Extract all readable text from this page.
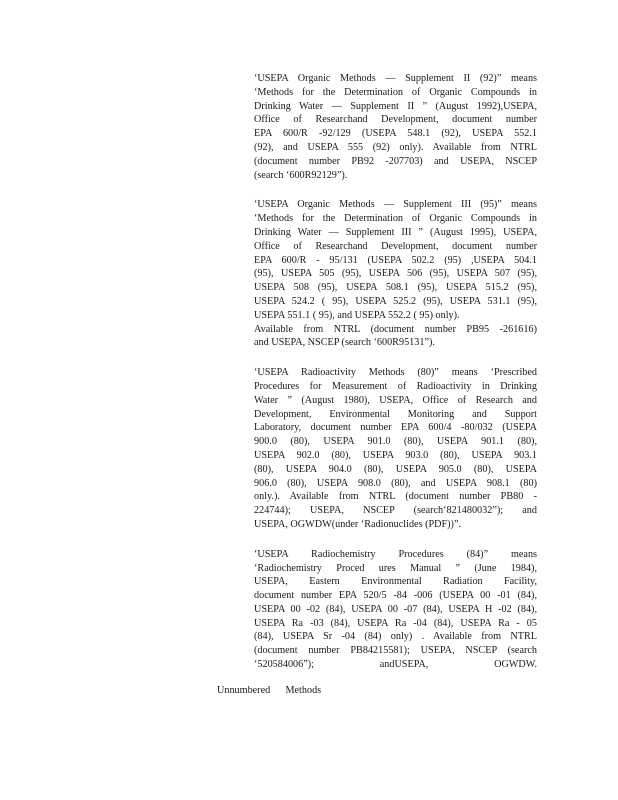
‘USEPA Organic Methods — Supplement II (92)” means
‘Methods for the Determination of Organic Compounds in
Drinking Water — Supplement II ” (August 1992),USEPA,
Office of Researchand Development, document number
EPA 600/R -92/129 (USEPA 548.1 (92), USEPA 552.1
(92), and USEPA 555 (92) only). Available from NTRL
(document number PB92 -207703) and USEPA, NSCEP
(search ‘600R92129”).
‘USEPA Organic Methods — Supplement III (95)” means
‘Methods for the Determination of Organic Compounds in
Drinking Water — Supplement III ” (August 1995), USEPA,
Office of Researchand Development, document number
EPA 600/R - 95/131 (USEPA 502.2 (95) ,USEPA 504.1
(95), USEPA 505 (95), USEPA 506 (95), USEPA 507 (95),
USEPA 508 (95), USEPA 508.1 (95), USEPA 515.2 (95),
USEPA 524.2 ( 95), USEPA 525.2 (95), USEPA 531.1 (95),
USEPA 551.1 ( 95), and USEPA 552.2 ( 95) only).
Available from NTRL (document number PB95 -261616)
and USEPA, NSCEP (search ‘600R95131”).
‘USEPA Radioactivity Methods (80)” means ‘Prescribed
Procedures for Measurement of Radioactivity in Drinking
Water ” (August 1980), USEPA, Office of Research and
Development, Environmental Monitoring and Support
Laboratory, document number EPA 600/4 -80/032 (USEPA
900.0 (80), USEPA 901.0 (80), USEPA 901.1 (80),
USEPA 902.0 (80), USEPA 903.0 (80), USEPA 903.1
(80), USEPA 904.0 (80), USEPA 905.0 (80), USEPA
906.0 (80), USEPA 908.0 (80), and USEPA 908.1 (80)
only.). Available from NTRL (document number PB80 -
224744); USEPA, NSCEP (search‘821480032”); and
USEPA, OGWDW(under ‘Radionuclides (PDF))”.
‘USEPA Radiochemistry Procedures (84)” means
‘Radiochemistry Proced ures Manual ” (June 1984),
USEPA, Eastern Environmental Radiation Facility,
document number EPA 520/5 -84 -006 (USEPA 00 -01 (84),
USEPA 00 -02 (84), USEPA 00 -07 (84), USEPA H -02 (84),
USEPA Ra -03 (84), USEPA Ra -04 (84), USEPA Ra - 05
(84), USEPA Sr -04 (84) only) . Available from NTRL
(document number PB84215581); USEPA, NSCEP (search
‘520584006”); andUSEPA, OGWDW.
Unnumbered      Methods
